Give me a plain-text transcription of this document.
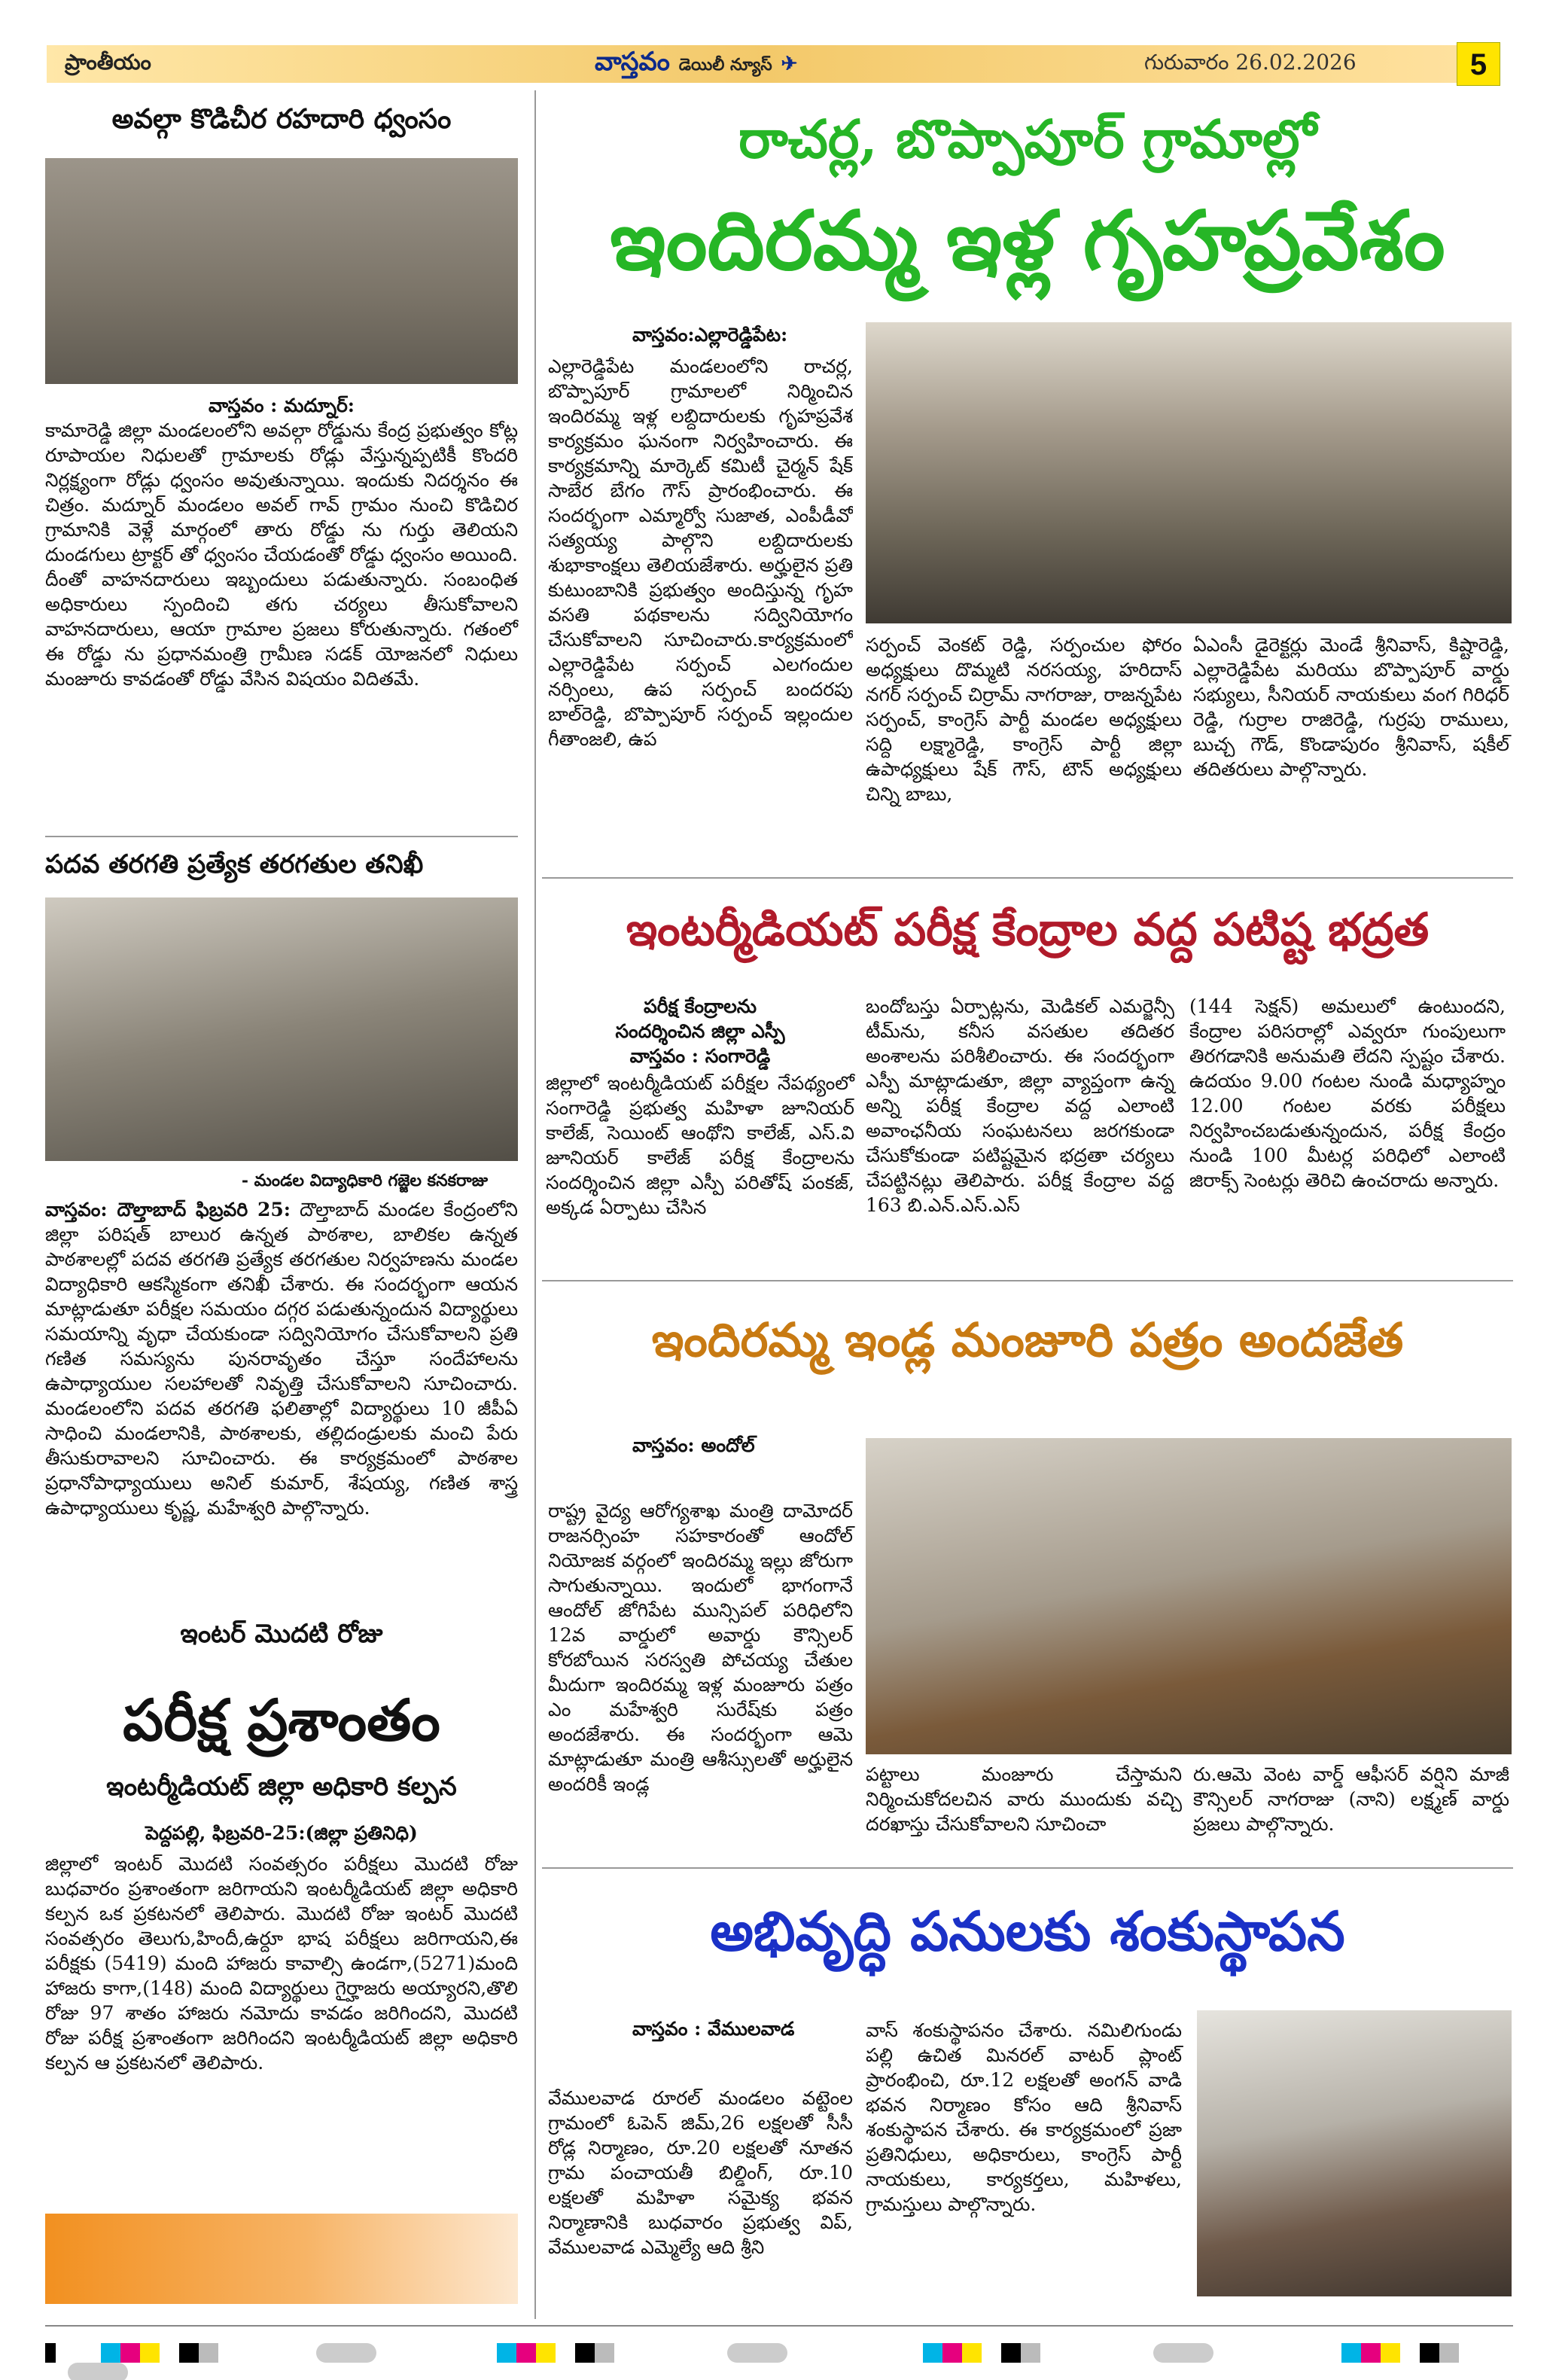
ప్రాంతీయం	వాస్తవం డెయిలీ న్యూస్ ✈	గురువారం 26.02.2026	5
అవల్గా కొడిచీర రహదారి ధ్వంసం
వాస్తవం : మద్నూర్:
కామారెడ్డి జిల్లా మండలంలోని అవల్గా రోడ్డును కేంద్ర ప్రభుత్వం కోట్ల రూపాయల నిధులతో గ్రామాలకు రోడ్లు వేస్తున్నప్పటికీ కొందరి నిర్లక్ష్యంగా రోడ్లు ధ్వంసం అవుతున్నాయి. ఇందుకు నిదర్శనం ఈ చిత్రం. మద్నూర్ మండలం అవల్ గావ్ గ్రామం నుంచి కొడిచిర గ్రామానికి వెళ్లే మార్గంలో తారు రోడ్డు ను గుర్తు తెలియని దుండగులు ట్రాక్టర్ తో ధ్వంసం చేయడంతో రోడ్డు ధ్వంసం అయింది. దీంతో వాహనదారులు ఇబ్బందులు పడుతున్నారు. సంబంధిత అధికారులు స్పందించి తగు చర్యలు తీసుకోవాలని వాహనదారులు, ఆయా గ్రామాల ప్రజలు కోరుతున్నారు. గతంలో ఈ రోడ్డు ను ప్రధానమంత్రి గ్రామీణ సడక్ యోజనలో నిధులు మంజూరు కావడంతో రోడ్డు వేసిన విషయం విదితమే.
పదవ తరగతి ప్రత్యేక తరగతుల తనిఖీ
- మండల విద్యాధికారి గజ్జెల కనకరాజు
వాస్తవం: దౌల్తాబాద్ ఫిబ్రవరి 25: దౌల్తాబాద్ మండల కేంద్రంలోని జిల్లా పరిషత్ బాలుర ఉన్నత పాఠశాల, బాలికల ఉన్నత పాఠశాలల్లో పదవ తరగతి ప్రత్యేక తరగతుల నిర్వహణను మండల విద్యాధికారి ఆకస్మికంగా తనిఖీ చేశారు. ఈ సందర్భంగా ఆయన మాట్లాడుతూ పరీక్షల సమయం దగ్గర పడుతున్నందున విద్యార్థులు సమయాన్ని వృధా చేయకుండా సద్వినియోగం చేసుకోవాలని ప్రతి గణిత సమస్యను పునరావృతం చేస్తూ సందేహాలను ఉపాధ్యాయుల సలహాలతో నివృత్తి చేసుకోవాలని సూచించారు. మండలంలోని పదవ తరగతి ఫలితాల్లో విద్యార్థులు 10 జీపీఏ సాధించి మండలానికి, పాఠశాలకు, తల్లిదండ్రులకు మంచి పేరు తీసుకురావాలని సూచించారు. ఈ కార్యక్రమంలో పాఠశాల ప్రధానోపాధ్యాయులు అనిల్ కుమార్, శేషయ్య, గణిత శాస్త్ర ఉపాధ్యాయులు కృష్ణ, మహేశ్వరి పాల్గొన్నారు.
ఇంటర్ మొదటి రోజు
పరీక్ష ప్రశాంతం
ఇంటర్మీడియట్ జిల్లా అధికారి కల్పన
పెద్దపల్లి, ఫిబ్రవరి-25:(జిల్లా ప్రతినిధి)
జిల్లాలో ఇంటర్ మొదటి సంవత్సరం పరీక్షలు మొదటి రోజు బుధవారం ప్రశాంతంగా జరిగాయని ఇంటర్మీడియట్ జిల్లా అధికారి కల్పన ఒక ప్రకటనలో తెలిపారు. మొదటి రోజు ఇంటర్ మొదటి సంవత్సరం తెలుగు,హిందీ,ఉర్దూ భాష పరీక్షలు జరిగాయని,ఈ పరీక్షకు (5419) మంది హాజరు కావాల్సి ఉండగా,(5271)మంది హాజరు కాగా,(148) మంది విద్యార్థులు గైర్హాజరు అయ్యారని,తొలి రోజు 97 శాతం హాజరు నమోదు కావడం జరిగిందని, మొదటి రోజు పరీక్ష ప్రశాంతంగా జరిగిందని ఇంటర్మీడియట్ జిల్లా అధికారి కల్పన ఆ ప్రకటనలో తెలిపారు.
రాచర్ల, బొప్పాపూర్ గ్రామాల్లో
ఇందిరమ్మ ఇళ్ల గృహప్రవేశం
వాస్తవం:ఎల్లారెడ్డిపేట:
ఎల్లారెడ్డిపేట మండలంలోని రాచర్ల, బొప్పాపూర్ గ్రామాలలో నిర్మించిన ఇందిరమ్మ ఇళ్ల లబ్దిదారులకు గృహప్రవేశ కార్యక్రమం ఘనంగా నిర్వహించారు. ఈ కార్యక్రమాన్ని మార్కెట్ కమిటీ చైర్మన్ షేక్ సాబేర బేగం గౌస్ ప్రారంభించారు. ఈ సందర్భంగా ఎమ్మార్వో సుజాత, ఎంపీడీవో సత్యయ్య పాల్గొని లబ్దిదారులకు శుభాకాంక్షలు తెలియజేశారు. అర్హులైన ప్రతి కుటుంబానికి ప్రభుత్వం అందిస్తున్న గృహ వసతి పథకాలను సద్వినియోగం చేసుకోవాలని సూచించారు.కార్యక్రమంలో ఎల్లారెడ్డిపేట సర్పంచ్ ఎలగందుల నర్సింలు, ఉప సర్పంచ్ బందరపు బాల్‌రెడ్డి, బొప్పాపూర్ సర్పంచ్ ఇల్లందుల గీతాంజలి, ఉప
సర్పంచ్ వెంకట్ రెడ్డి, సర్పంచుల ఫోరం అధ్యక్షులు దొమ్మటి నరసయ్య, హరిదాస్ నగర్ సర్పంచ్ చిర్రామ్ నాగరాజు, రాజన్నపేట సర్పంచ్, కాంగ్రెస్ పార్టీ మండల అధ్యక్షులు సద్ది లక్ష్మారెడ్డి, కాంగ్రెస్ పార్టీ జిల్లా ఉపాధ్యక్షులు షేక్ గౌస్, టౌన్ అధ్యక్షులు చిన్ని బాబు,
ఏఎంసీ డైరెక్టర్లు మెండే శ్రీనివాస్, కిష్టారెడ్డి, ఎల్లారెడ్డిపేట మరియు బొప్పాపూర్ వార్డు సభ్యులు, సీనియర్ నాయకులు వంగ గిరిధర్ రెడ్డి, గుర్రాల రాజిరెడ్డి, గుర్రపు రాములు, బుచ్చ గౌడ్, కొండాపురం శ్రీనివాస్, షకీల్ తదితరులు పాల్గొన్నారు.
ఇంటర్మీడియట్ పరీక్ష కేంద్రాల వద్ద పటిష్ట భద్రత
పరీక్ష కేంద్రాలను
సందర్శించిన జిల్లా ఎస్పీ
వాస్తవం : సంగారెడ్డి
జిల్లాలో ఇంటర్మీడియట్ పరీక్షల నేపథ్యంలో సంగారెడ్డి ప్రభుత్వ మహిళా జూనియర్ కాలేజ్, సెయింట్ ఆంథోని కాలేజ్, ఎస్.వి జూనియర్ కాలేజ్ పరీక్ష కేంద్రాలను సందర్శించిన జిల్లా ఎస్పీ పరితోష్ పంకజ్, అక్కడ ఏర్పాటు చేసిన
బందోబస్తు ఏర్పాట్లను, మెడికల్ ఎమర్జెన్సీ టీమ్‌ను, కనీస వసతుల తదితర అంశాలను పరిశీలించారు. ఈ సందర్భంగా ఎస్పీ మాట్లాడుతూ, జిల్లా వ్యాప్తంగా ఉన్న అన్ని పరీక్ష కేంద్రాల వద్ద ఎలాంటి అవాంఛనీయ సంఘటనలు జరగకుండా చేసుకోకుండా పటిష్టమైన భద్రతా చర్యలు చేపట్టినట్లు తెలిపారు. పరీక్ష కేంద్రాల వద్ద 163 బి.ఎన్.ఎస్.ఎస్
(144 సెక్షన్) అమలులో ఉంటుందని, కేంద్రాల పరిసరాల్లో ఎవ్వరూ గుంపులుగా తిరగడానికి అనుమతి లేదని స్పష్టం చేశారు. ఉదయం 9.00 గంటల నుండి మధ్యాహ్నం 12.00 గంటల వరకు పరీక్షలు నిర్వహించబడుతున్నందున, పరీక్ష కేంద్రం నుండి 100 మీటర్ల పరిధిలో ఎలాంటి జిరాక్స్ సెంటర్లు తెరిచి ఉంచరాదు అన్నారు.
ఇందిరమ్మ ఇండ్ల మంజూరి పత్రం అందజేత
వాస్తవం: అందోల్
రాష్ట్ర వైద్య ఆరోగ్యశాఖ మంత్రి దామోదర్ రాజనర్సింహ సహకారంతో ఆందోల్ నియోజక వర్గంలో ఇందిరమ్మ ఇల్లు జోరుగా సాగుతున్నాయి. ఇందులో భాగంగానే ఆందోల్ జోగిపేట మున్సిపల్ పరిధిలోని 12వ వార్డులో అవార్డు కౌన్సిలర్ కోరబోయిన సరస్వతి పోచయ్య చేతుల మీదుగా ఇందిరమ్మ ఇళ్ల మంజూరు పత్రం ఎం మహేశ్వరి సురేష్‌కు పత్రం అందజేశారు. ఈ సందర్భంగా ఆమె మాట్లాడుతూ మంత్రి ఆశీస్సులతో అర్హులైన అందరికీ ఇండ్ల	పట్టాలు మంజూరు చేస్తామని నిర్మించుకోదలచిన వారు ముందుకు వచ్చి దరఖాస్తు చేసుకోవాలని సూచించా
రు.ఆమె వెంట వార్డ్ ఆఫీసర్ వర్షిని మాజీ కౌన్సిలర్ నాగరాజు (నాని) లక్ష్మణ్ వార్డు ప్రజలు పాల్గొన్నారు.
అభివృద్ధి పనులకు శంకుస్థాపన
వాస్తవం : వేములవాడ
వేములవాడ రూరల్ మండలం వట్టెంల గ్రామంలో ఓపెన్ జిమ్,26 లక్షలతో సీసీ రోడ్ల నిర్మాణం, రూ.20 లక్షలతో నూతన గ్రామ పంచాయతీ బిల్డింగ్, రూ.10 లక్షలతో మహిళా సమైక్య భవన నిర్మాణానికి బుధవారం ప్రభుత్వ విప్, వేములవాడ ఎమ్మెల్యే ఆది శ్రీని
వాస్ శంకుస్థాపనం చేశారు. నమిలిగుండు పల్లి ఉచిత మినరల్ వాటర్ ప్లాంట్ ప్రారంభించి, రూ.12 లక్షలతో అంగన్ వాడి భవన నిర్మాణం కోసం ఆది శ్రీనివాస్ శంకుస్థాపన చేశారు. ఈ కార్యక్రమంలో ప్రజా ప్రతినిధులు, అధికారులు, కాంగ్రెస్ పార్టీ నాయకులు, కార్యకర్తలు, మహిళలు, గ్రామస్తులు పాల్గొన్నారు.
